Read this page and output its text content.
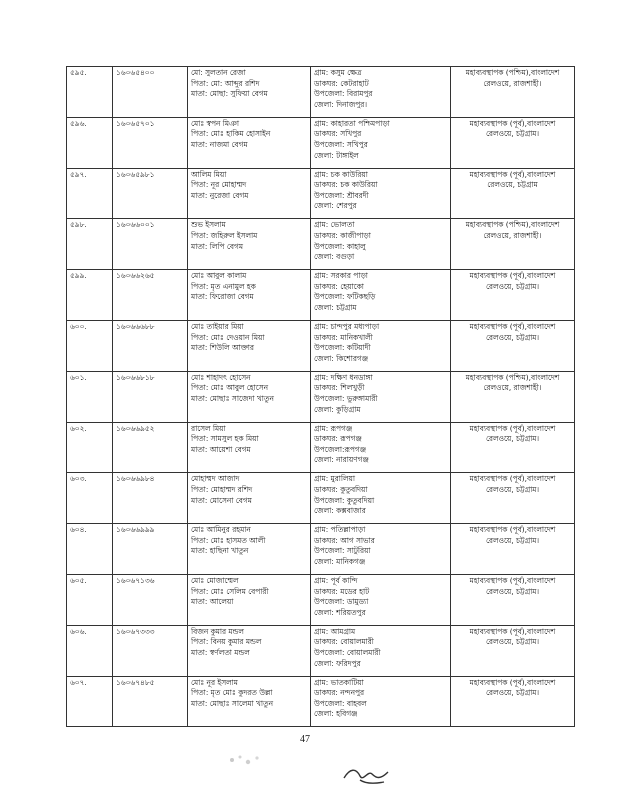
৫৯৫.	১৬০৬৫৪০০	মো: সুলতান রেজা
পিতা: মো: আব্দুর রশিদ
মাতা: মোছা: সুফিয়া বেগম	গ্রাম: কসুম ক্ষেত্র
ডাকঘর: কেটরাহাট
উপজেলা: বিরামপুর
জেলা: দিনাজপুর।	মহাব্যবস্থাপক (পশ্চিম),বাংলাদেশ
রেলওয়ে, রাজশাহী।

৫৯৬.	১৬০৬৫৭০১	মোঃ স্বপন মিঞা
পিতা: মোঃ হাকিম হোসাইন
মাতা: নাজমা বেগম	গ্রাম: কাহারতা পশ্চিমপাড়া
ডাকঘর: সখিপুর
উপজেলা: সখিপুর
জেলা: টাঙ্গাইল	মহাব্যবস্থাপক (পূর্ব),বাংলাদেশ
রেলওয়ে, চট্টগ্রাম।

৫৯৭.	১৬০৬৫৯৮১	আলিম মিয়া
পিতা: নূর মোহাম্মদ
মাতা: নুরেজা বেগম	গ্রাম: চক কাউরিয়া
ডাকঘর: চক কাউরিয়া
উপজেলা: শ্রীবরদী
জেলা: শেরপুর	মহাব্যবস্থাপক (পূর্ব),বাংলাদেশ
রেলওয়ে, চট্টগ্রাম

৫৯৮.	১৬০৬৬০০১	শুভ ইসলাম
পিতা: জহিরুল ইসলাম
মাতা: লিপি বেগম	গ্রাম: ভোলতা
ডাকঘর: কাজীপাড়া
উপজেলা: কাহালু
জেলা: বগুড়া	মহাব্যবস্থাপক (পশ্চিম),বাংলাদেশ
রেলওয়ে, রাজশাহী।

৫৯৯.	১৬০৬৬২৬৫	মোঃ আবুল কালাম
পিতা: মৃত এনামুল হক
মাতা: ফিরোজা বেগম	গ্রাম: সরকার পাড়া
ডাকঘর: হেয়াকো
উপজেলা: ফটিকছড়ি
জেলা: চট্টগ্রাম	মহাব্যবস্থাপক (পূর্ব),বাংলাদেশ
রেলওয়ে, চট্টগ্রাম।

৬০০.	১৬০৬৬৬৮৮	মোঃ তাইয়ার মিয়া
পিতা: মোঃ দেওয়ান মিয়া
মাতা: শিউলি আক্তার	গ্রাম: চান্দপুর মধ্যপাড়া
ডাকঘর: মানিকখালী
উপজেলা: কটিয়াদী
জেলা: কিশোরগঞ্জ	মহাব্যবস্থাপক (পূর্ব),বাংলাদেশ
রেলওয়ে, চট্টগ্রাম।

৬০১.	১৬০৬৬৮১৮	মোঃ শাহাদৎ হোসেন
পিতা: মোঃ আবুল হোসেন
মাতা: মোছাঃ সাজেদা খাতুন	গ্রাম: দক্ষিণ ধনডাঙ্গা
ডাকঘর: শিলখুড়ী
উপজেলা: ভুরুঙ্গামারী
জেলা: কুড়িগ্রাম	মহাব্যবস্থাপক (পশ্চিম),বাংলাদেশ
রেলওয়ে, রাজশাহী।

৬০২.	১৬০৬৬৯৫২	রাসেল মিয়া
পিতা: সামসুল হক মিয়া
মাতা: আয়েশা বেগম	গ্রাম: রূপগঞ্জ
ডাকঘর: রূপগঞ্জ
উপজেলা:রূপগঞ্জ
জেলা: নারায়ণগঞ্জ	মহাব্যবস্থাপক (পূর্ব),বাংলাদেশ
রেলওয়ে, চট্টগ্রাম।

৬০৩.	১৬০৬৬৯৮৪	মোহাম্মদ আজাদ
পিতা: মোহাম্মদ রশিদ
মাতা: মোসেনা বেগম	গ্রাম: মুরালিয়া
ডাকঘর: কুতুবদিয়া
উপজেলা: কুতুবদিয়া
জেলা: কক্সবাজার	মহাব্যবস্থাপক (পূর্ব),বাংলাদেশ
রেলওয়ে, চট্টগ্রাম।

৬০৪.	১৬০৬৬৯৯৯	মোঃ আমিনুর রহমান
পিতা: মোঃ হাসমত আলী
মাতা: হাছিনা খাতুন	গ্রাম: পতিল্লাপাড়া
ডাকঘর: আগ সাভার
উপজেলা: সাটুরিয়া
জেলা: মানিকগঞ্জ	মহাব্যবস্থাপক (পূর্ব),বাংলাদেশ
রেলওয়ে, চট্টগ্রাম।

৬০৫.	১৬০৬৭১৩৬	মোঃ মোজাম্মেল
পিতা: মোঃ সেলিম বেপারী
মাতা: আলেয়া	গ্রাম: পূর্ব কান্দি
ডাকঘর: মডের হাট
উপজেলা: ডামুড্যা
জেলা: শরিয়তপুর	মহাব্যবস্থাপক (পূর্ব),বাংলাদেশ
রেলওয়ে, চট্টগ্রাম।

৬০৬.	১৬০৬৭৩৩৩	বিজন কুমার মন্ডল
পিতা: বিনয় কুমার মন্ডল
মাতা: স্বর্ণলতা মন্ডল	গ্রাম: আমগ্রাম
ডাকঘর: বোয়ালমারী
উপজেলা: বোয়ালমারী
জেলা: ফরিদপুর	মহাব্যবস্থাপক (পূর্ব),বাংলাদেশ
রেলওয়ে, চট্টগ্রাম।

৬০৭.	১৬০৬৭৪৮৫	মোঃ নূর ইসলাম
পিতা: মৃত মোঃ কুদরত উল্লা
মাতা: মোছাঃ সালেমা খাতুন	গ্রাম: ভাতকাটিয়া
ডাকঘর: নন্দনপুর
উপজেলা: বাহবল
জেলা: হবিগঞ্জ	মহাব্যবস্থাপক (পূর্ব),বাংলাদেশ
রেলওয়ে, চট্টগ্রাম।
47
